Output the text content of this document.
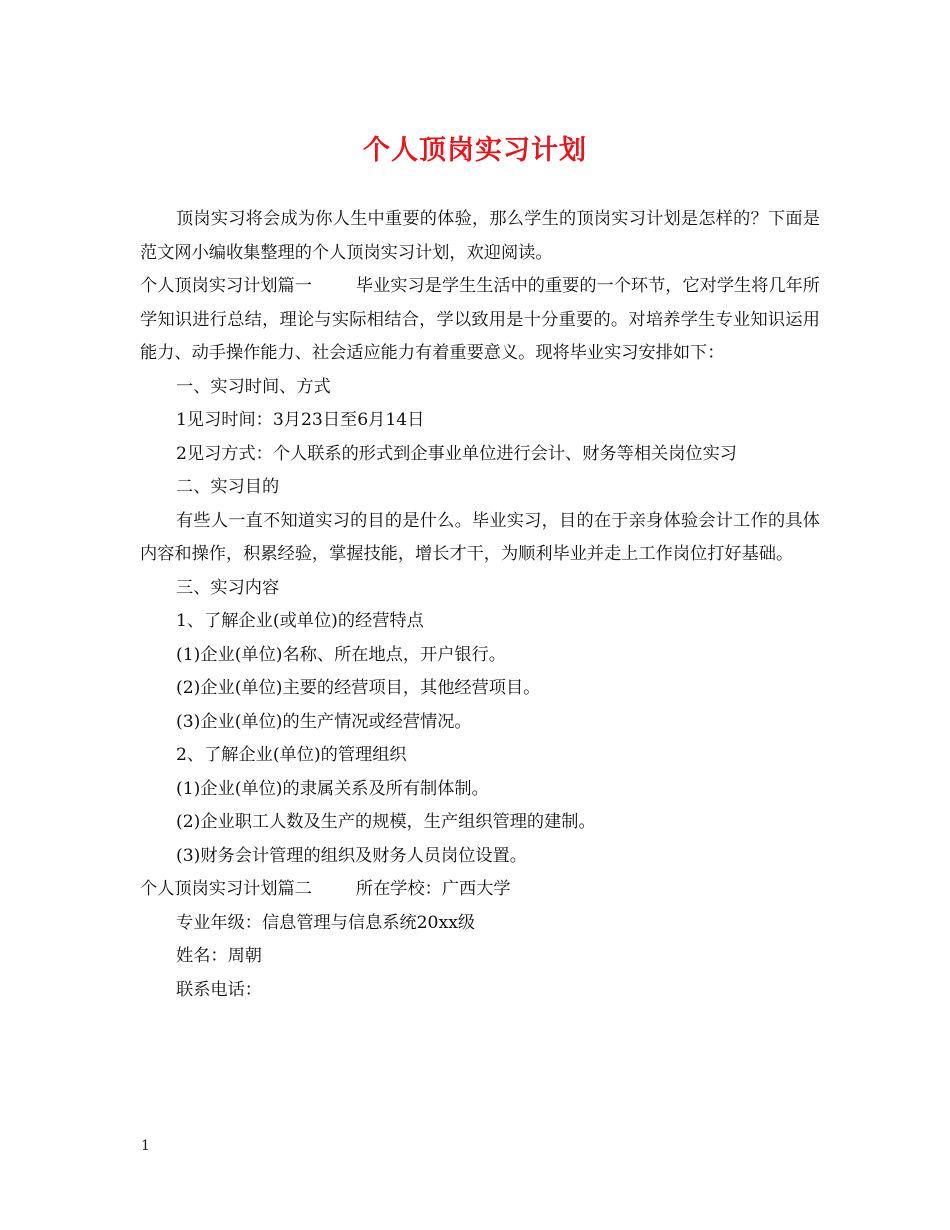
个人顶岗实习计划

顶岗实习将会成为你人生中重要的体验，那么学生的顶岗实习计划是怎样的？下面是范文网小编收集整理的个人顶岗实习计划，欢迎阅读。

个人顶岗实习计划篇一	毕业实习是学生生活中的重要的一个环节，它对学生将几年所学知识进行总结，理论与实际相结合，学以致用是十分重要的。对培养学生专业知识运用能力、动手操作能力、社会适应能力有着重要意义。现将毕业实习安排如下：

一、实习时间、方式

1见习时间：3月23日至6月14日

2见习方式：个人联系的形式到企事业单位进行会计、财务等相关岗位实习

二、实习目的

有些人一直不知道实习的目的是什么。毕业实习，目的在于亲身体验会计工作的具体内容和操作，积累经验，掌握技能，增长才干，为顺利毕业并走上工作岗位打好基础。

三、实习内容

1、了解企业(或单位)的经营特点

(1)企业(单位)名称、所在地点，开户银行。

(2)企业(单位)主要的经营项目，其他经营项目。

(3)企业(单位)的生产情况或经营情况。

2、了解企业(单位)的管理组织

(1)企业(单位)的隶属关系及所有制体制。

(2)企业职工人数及生产的规模，生产组织管理的建制。

(3)财务会计管理的组织及财务人员岗位设置。

个人顶岗实习计划篇二	所在学校：广西大学

专业年级：信息管理与信息系统20xx级

姓名：周朝

联系电话：

1
